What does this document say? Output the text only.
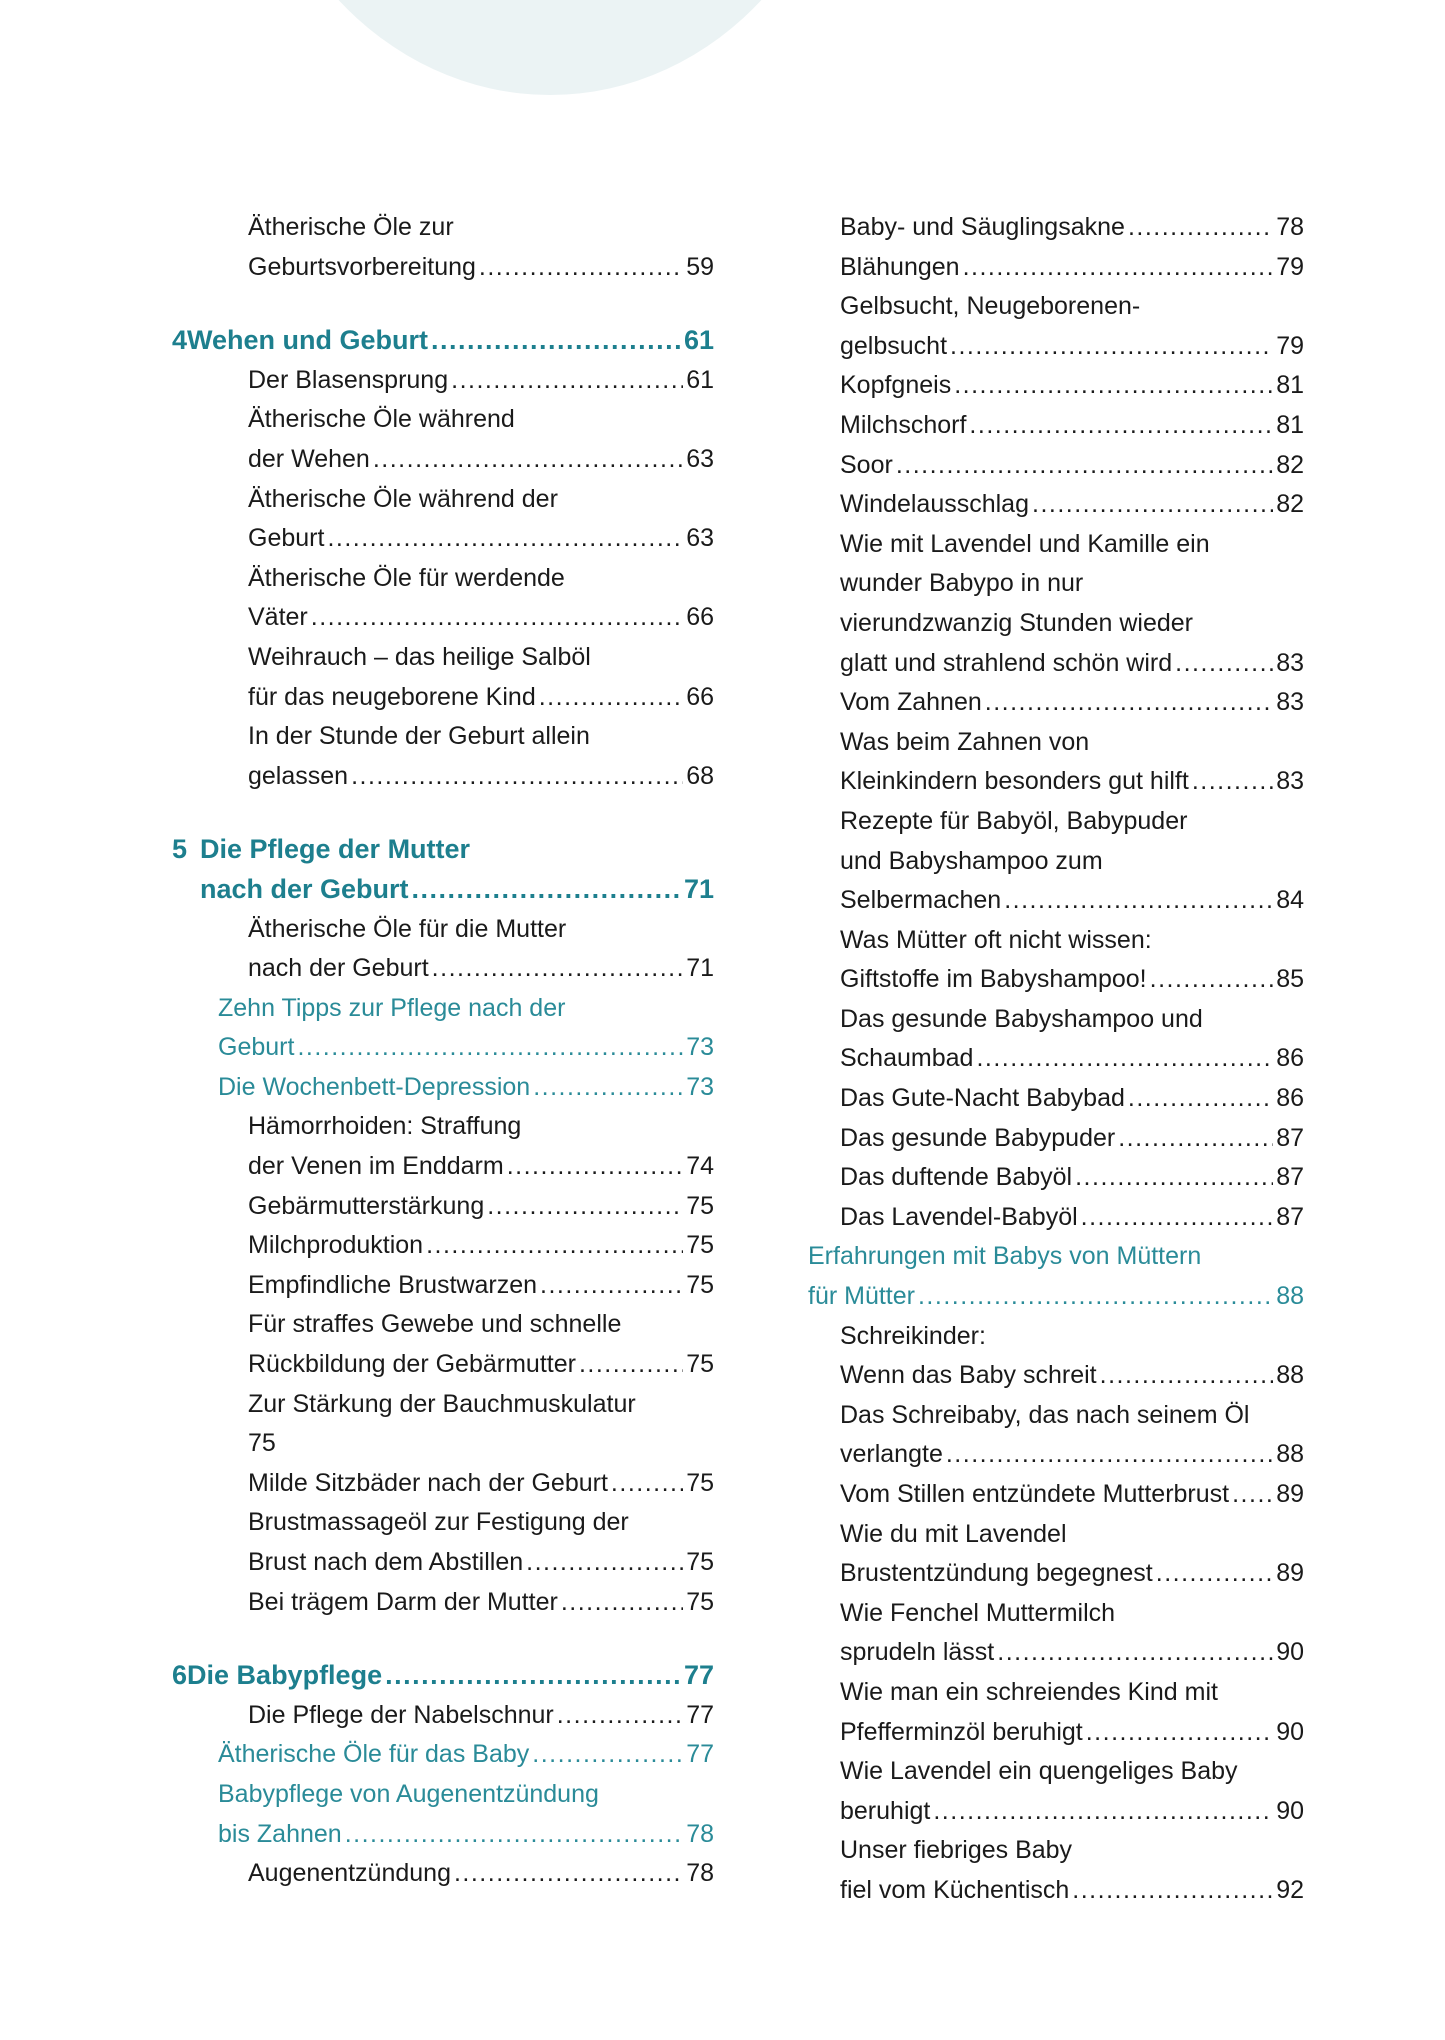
Ätherische Öle zur
Geburtsvorbereitung .....	59
4 Wehen und Geburt .....	61
Der Blasensprung .....	61
Ätherische Öle während
der Wehen .....	63
Ätherische Öle während der
Geburt .....	63
Ätherische Öle für werdende
Väter .....	66
Weihrauch – das heilige Salböl
für das neugeborene Kind .....	66
In der Stunde der Geburt allein
gelassen .....	68
5 Die Pflege der Mutter
nach der Geburt .....	71
Ätherische Öle für die Mutter
nach der Geburt .....	71
Zehn Tipps zur Pflege nach der
Geburt .....	73
Die Wochenbett-Depression .....	73
Hämorrhoiden: Straffung
der Venen im Enddarm .....	74
Gebärmutterstärkung .....	75
Milchproduktion .....	75
Empfindliche Brustwarzen .....	75
Für straffes Gewebe und schnelle
Rückbildung der Gebärmutter .....	75
Zur Stärkung der Bauchmuskulatur
75
Milde Sitzbäder nach der Geburt .....	75
Brustmassageöl zur Festigung der
Brust nach dem Abstillen .....	75
Bei trägem Darm der Mutter .....	75
6 Die Babypflege .....	77
Die Pflege der Nabelschnur .....	77
Ätherische Öle für das Baby .....	77
Babypflege von Augenentzündung
bis Zahnen .....	78
Augenentzündung .....	78
Baby- und Säuglingsakne .....	78
Blähungen .....	79
Gelbsucht, Neugeborenen-
gelbsucht .....	79
Kopfgneis .....	81
Milchschorf .....	81
Soor .....	82
Windelausschlag .....	82
Wie mit Lavendel und Kamille ein
wunder Babypo in nur
vierundzwanzig Stunden wieder
glatt und strahlend schön wird .....	83
Vom Zahnen .....	83
Was beim Zahnen von
Kleinkindern besonders gut hilft .....	83
Rezepte für Babyöl, Babypuder
und Babyshampoo zum
Selbermachen .....	84
Was Mütter oft nicht wissen:
Giftstoffe im Babyshampoo! .....	85
Das gesunde Babyshampoo und
Schaumbad .....	86
Das Gute-Nacht Babybad .....	86
Das gesunde Babypuder .....	87
Das duftende Babyöl .....	87
Das Lavendel-Babyöl .....	87
Erfahrungen mit Babys von Müttern
für Mütter .....	88
Schreikinder:
Wenn das Baby schreit .....	88
Das Schreibaby, das nach seinem Öl
verlangte .....	88
Vom Stillen entzündete Mutterbrust ..... 89
Wie du mit Lavendel
Brustentzündung begegnest .....	89
Wie Fenchel Muttermilch
sprudeln lässt .....	90
Wie man ein schreiendes Kind mit
Pfefferminzöl beruhigt .....	90
Wie Lavendel ein quengeliges Baby
beruhigt .....	90
Unser fiebriges Baby
fiel vom Küchentisch .....	92
